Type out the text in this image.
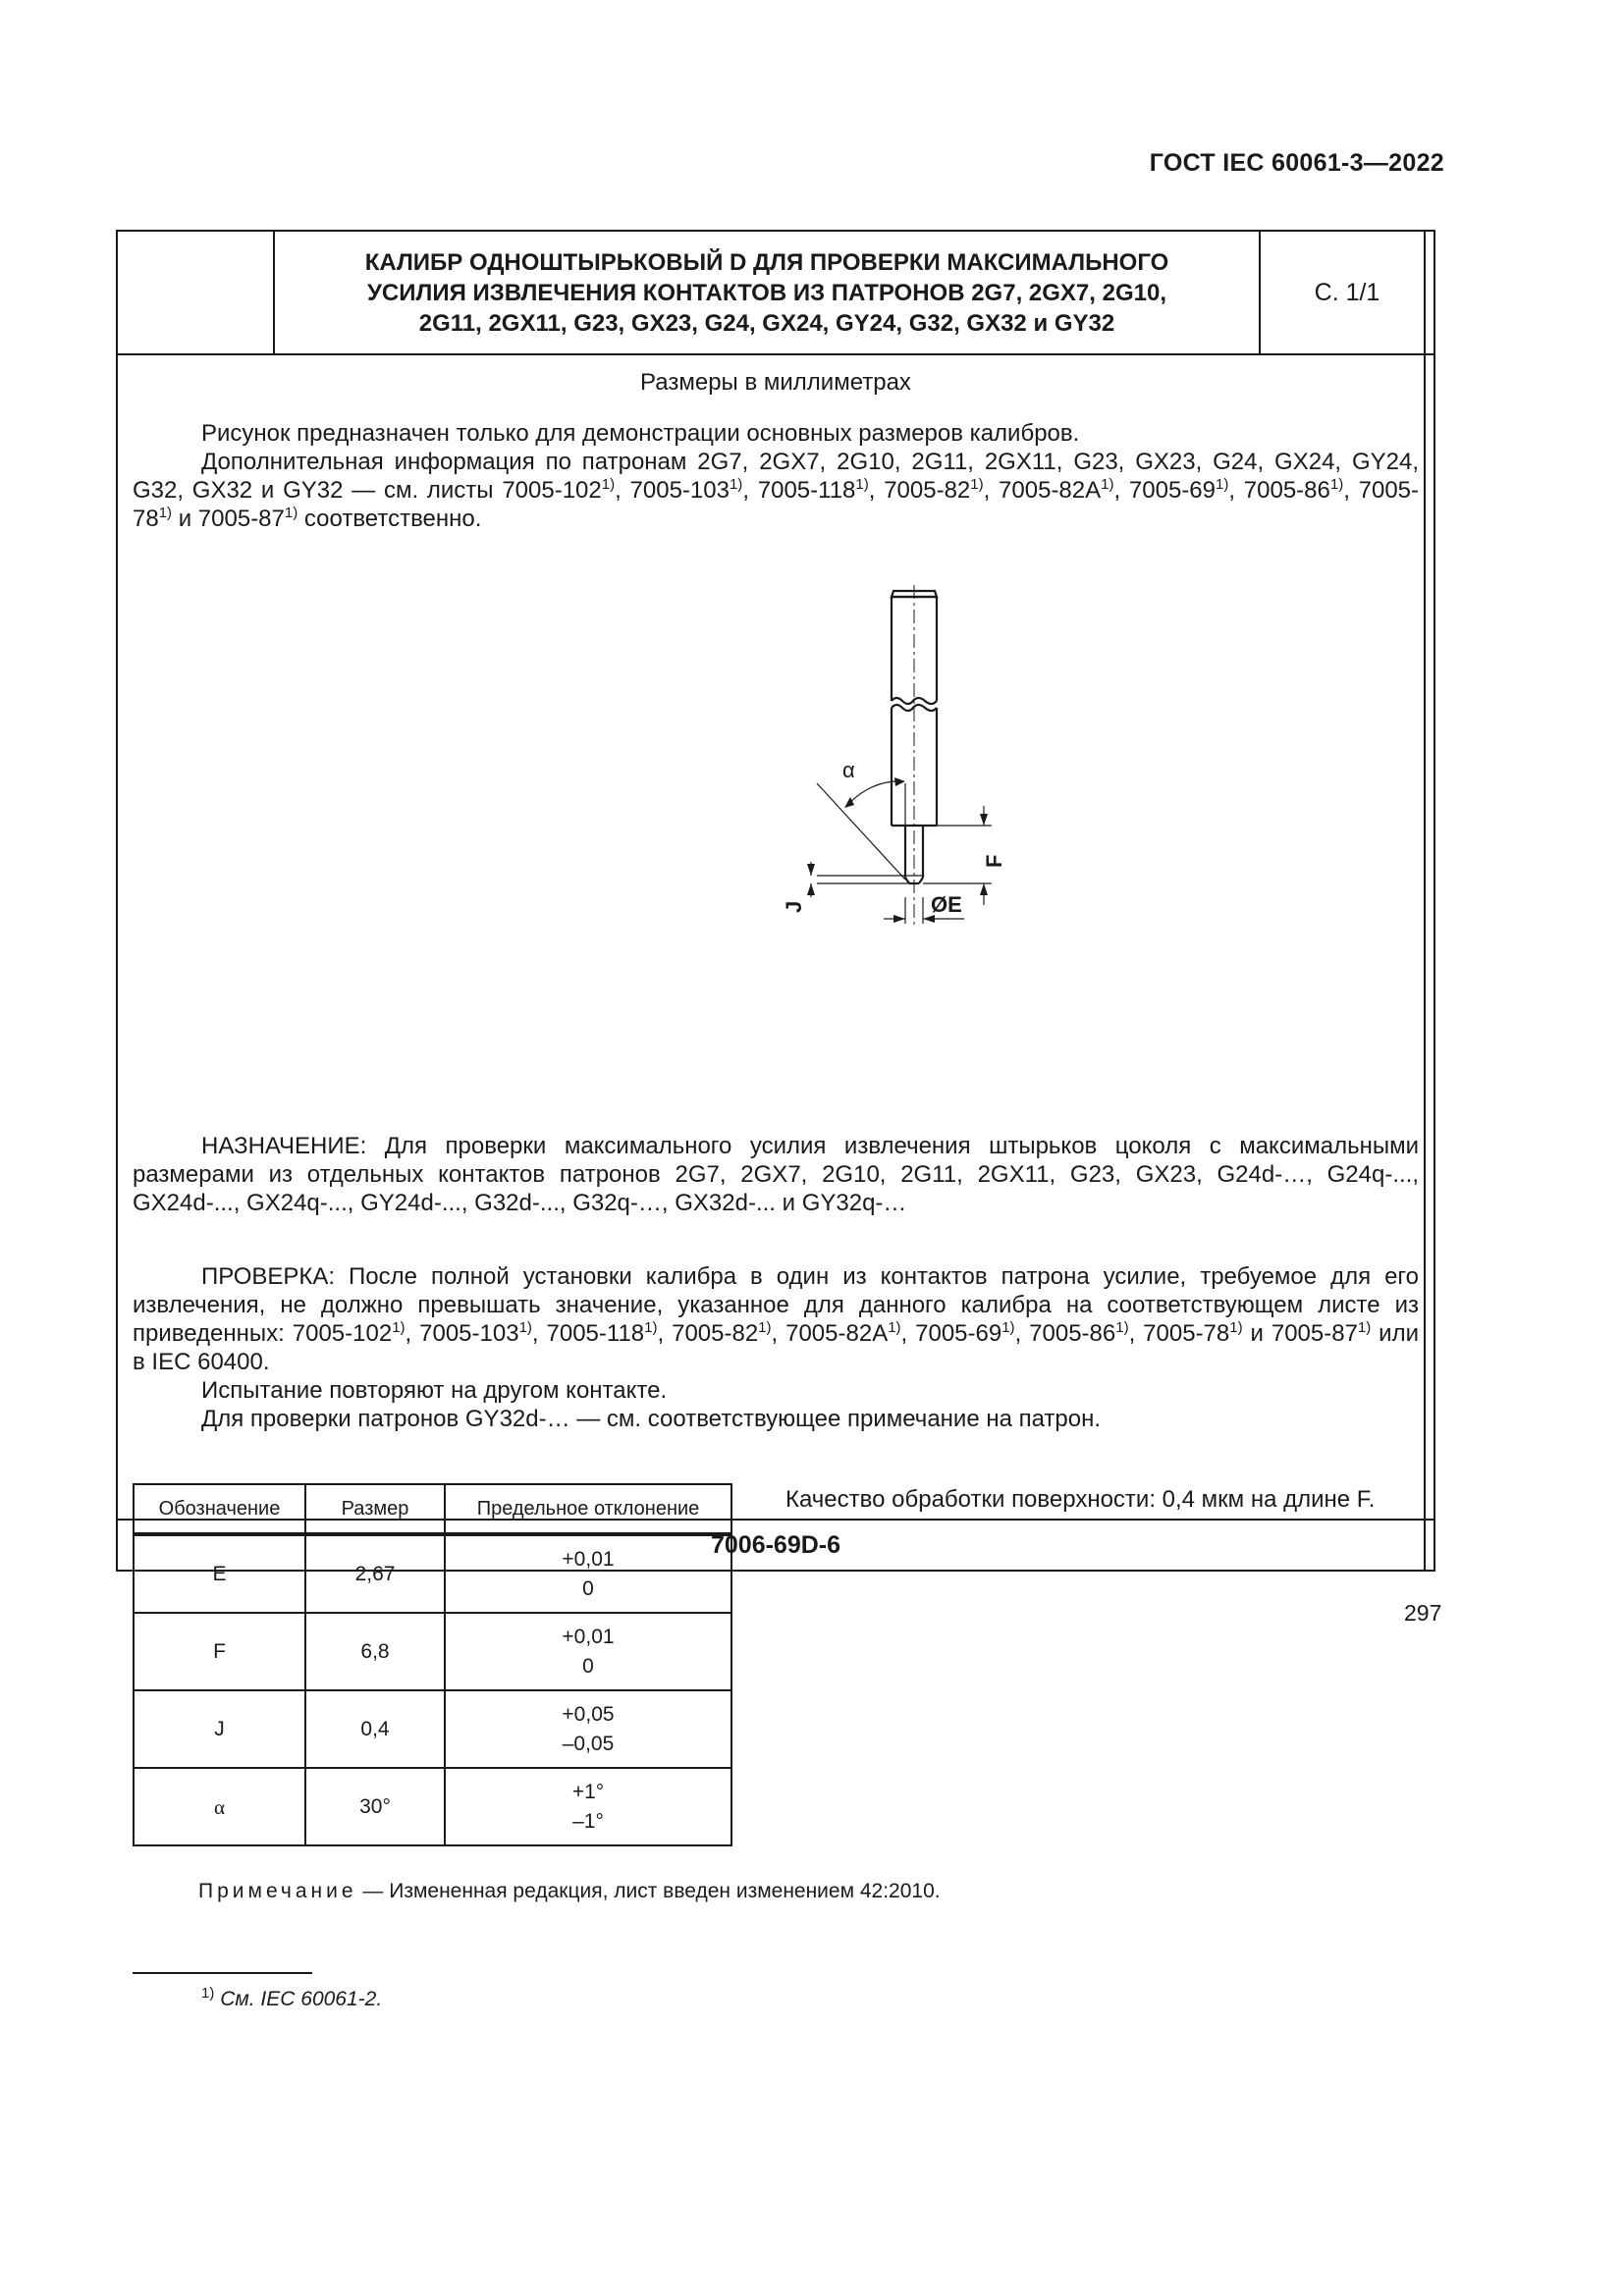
ГОСТ IEC 60061-3—2022
КАЛИБР ОДНОШТЫРЬКОВЫЙ D ДЛЯ ПРОВЕРКИ МАКСИМАЛЬНОГО
УСИЛИЯ ИЗВЛЕЧЕНИЯ КОНТАКТОВ ИЗ ПАТРОНОВ 2G7, 2GX7, 2G10,
2G11, 2GX11, G23, GX23, G24, GX24, GY24, G32, GX32 и GY32
С. 1/1
Размеры в миллиметрах
Рисунок предназначен только для демонстрации основных размеров калибров.
Дополнительная информация по патронам 2G7, 2GX7, 2G10, 2G11, 2GX11, G23, GX23, G24, GX24, GY24, G32, GX32 и GY32 — см. листы 7005-102$^{1)}$, 7005-103$^{1)}$, 7005-118$^{1)}$, 7005-82$^{1)}$, $7005-82A^{1)}$, 7005-69$^{1)}$, 7005-86$^{1)}$, 7005-78$^{1)}$ и 7005-87$^{1)}$ соответственно.
α
F
J	ØE
НАЗНАЧЕНИЕ: Для проверки максимального усилия извлечения штырьков цоколя с максимальными размерами из отдельных контактов патронов 2G7, 2GX7, 2G10, 2G11, 2GX11, G23, GX23, G24d-…, G24q-..., GX24d-..., GX24q-..., GY24d-..., G32d-..., G32q-…, GX32d-... и GY32q-…
ПРОВЕРКА: После полной установки калибра в один из контактов патрона усилие, требуемое для его извлечения, не должно превышать значение, указанное для данного калибра на соответствующем листе из приведенных: 7005-102$^{1)}$, 7005-103$^{1)}$, 7005-118$^{1)}$, 7005-82$^{1)}$, $7005-82A^{1)}$, 7005-69$^{1)}$, 7005-86$^{1)}$, 7005-78$^{1)}$ и 7005-87$^{1)}$ или в IEC 60400.
Испытание повторяют на другом контакте.
Для проверки патронов GY32d-… — см. соответствующее примечание на патрон.
Обозначение	Размер	Предельное отклонение
E	2,67	+0,01
0

F	6,8	+0,01
0

J	0,4	+0,05
–0,05

α	30°	+1°
–1°
Качество обработки поверхности: 0,4 мкм на длине F.
Примечание — Измененная редакция, лист введен изменением 42:2010.
$^{1)}$ См. IEC 60061-2.
7006-69D-6
297
